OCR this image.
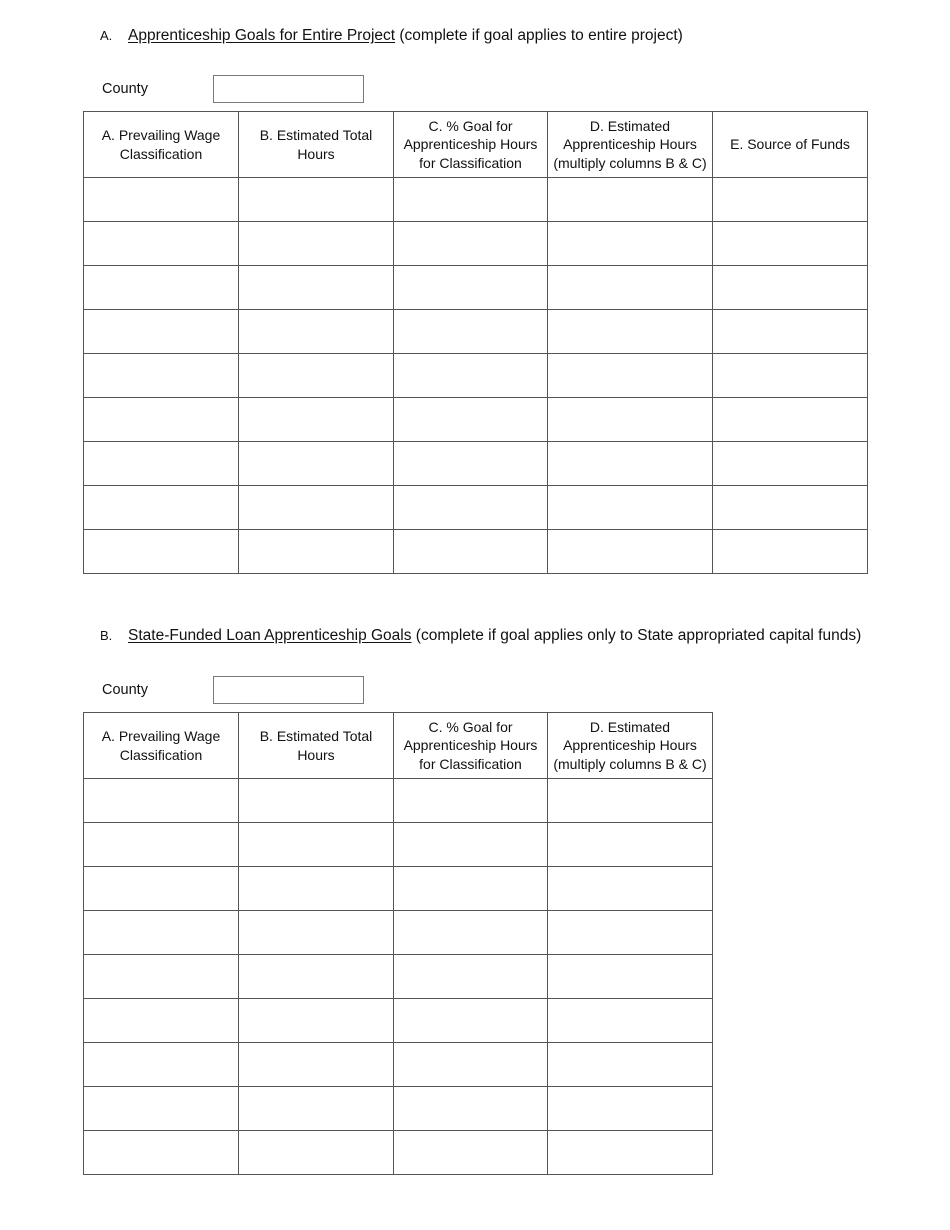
A. Apprenticeship Goals for Entire Project (complete if goal applies to entire project)
County
A. Prevailing Wage Classification	B. Estimated Total Hours	C. % Goal for Apprenticeship Hours for Classification	D. Estimated Apprenticeship Hours (multiply columns B & C)	E. Source of Funds

B. State-Funded Loan Apprenticeship Goals (complete if goal applies only to State appropriated capital funds)
County
A. Prevailing Wage Classification	B. Estimated Total Hours	C. % Goal for Apprenticeship Hours for Classification	D. Estimated Apprenticeship Hours (multiply columns B & C)
